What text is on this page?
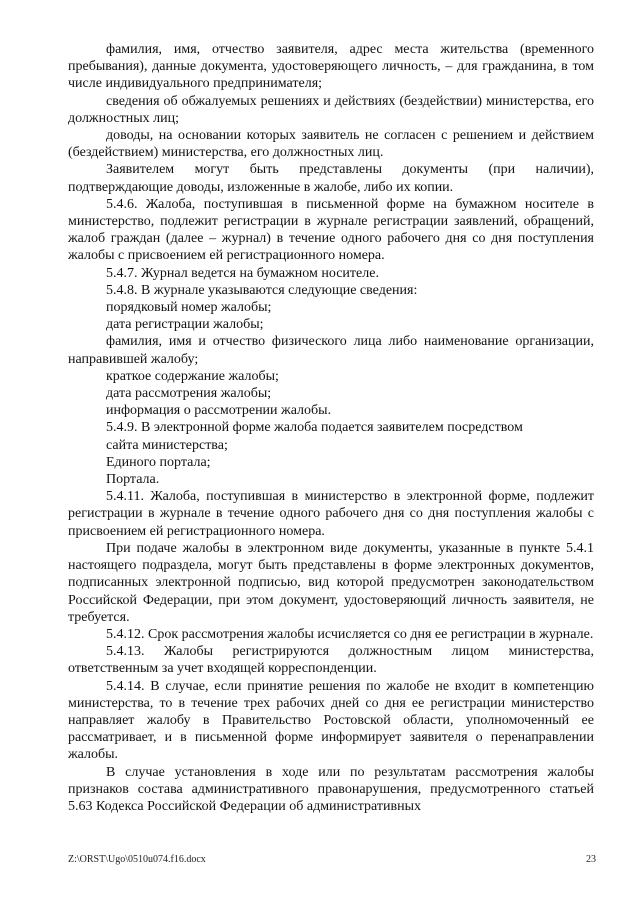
фамилия, имя, отчество заявителя, адрес места жительства (временного пребывания), данные документа, удостоверяющего личность, – для гражданина, в том числе индивидуального предпринимателя;

сведения об обжалуемых решениях и действиях (бездействии) министерства, его должностных лиц;

доводы, на основании которых заявитель не согласен с решением и действием (бездействием) министерства, его должностных лиц.

Заявителем могут быть представлены документы (при наличии), подтверждающие доводы, изложенные в жалобе, либо их копии.

5.4.6. Жалоба, поступившая в письменной форме на бумажном носителе в министерство, подлежит регистрации в журнале регистрации заявлений, обращений, жалоб граждан (далее – журнал) в течение одного рабочего дня со дня поступления жалобы с присвоением ей регистрационного номера.

5.4.7. Журнал ведется на бумажном носителе.

5.4.8. В журнале указываются следующие сведения:

порядковый номер жалобы;

дата регистрации жалобы;

фамилия, имя и отчество физического лица либо наименование организации, направившей жалобу;

краткое содержание жалобы;

дата рассмотрения жалобы;

информация о рассмотрении жалобы.

5.4.9. В электронной форме жалоба подается заявителем посредством

сайта министерства;

Единого портала;

Портала.

5.4.11. Жалоба, поступившая в министерство в электронной форме, подлежит регистрации в журнале в течение одного рабочего дня со дня поступления жалобы с присвоением ей регистрационного номера.

При подаче жалобы в электронном виде документы, указанные в пункте 5.4.1 настоящего подраздела, могут быть представлены в форме электронных документов, подписанных электронной подписью, вид которой предусмотрен законодательством Российской Федерации, при этом документ, удостоверяющий личность заявителя, не требуется.

5.4.12. Срок рассмотрения жалобы исчисляется со дня ее регистрации в журнале.

5.4.13. Жалобы регистрируются должностным лицом министерства, ответственным за учет входящей корреспонденции.

5.4.14. В случае, если принятие решения по жалобе не входит в компетенцию министерства, то в течение трех рабочих дней со дня ее регистрации министерство направляет жалобу в Правительство Ростовской области, уполномоченный ее рассматривает, и в письменной форме информирует заявителя о перенаправлении жалобы.

В случае установления в ходе или по результатам рассмотрения жалобы признаков состава административного правонарушения, предусмотренного статьей 5.63 Кодекса Российской Федерации об административных

Z:\ORST\Ugo\0510u074.f16.docx	23
